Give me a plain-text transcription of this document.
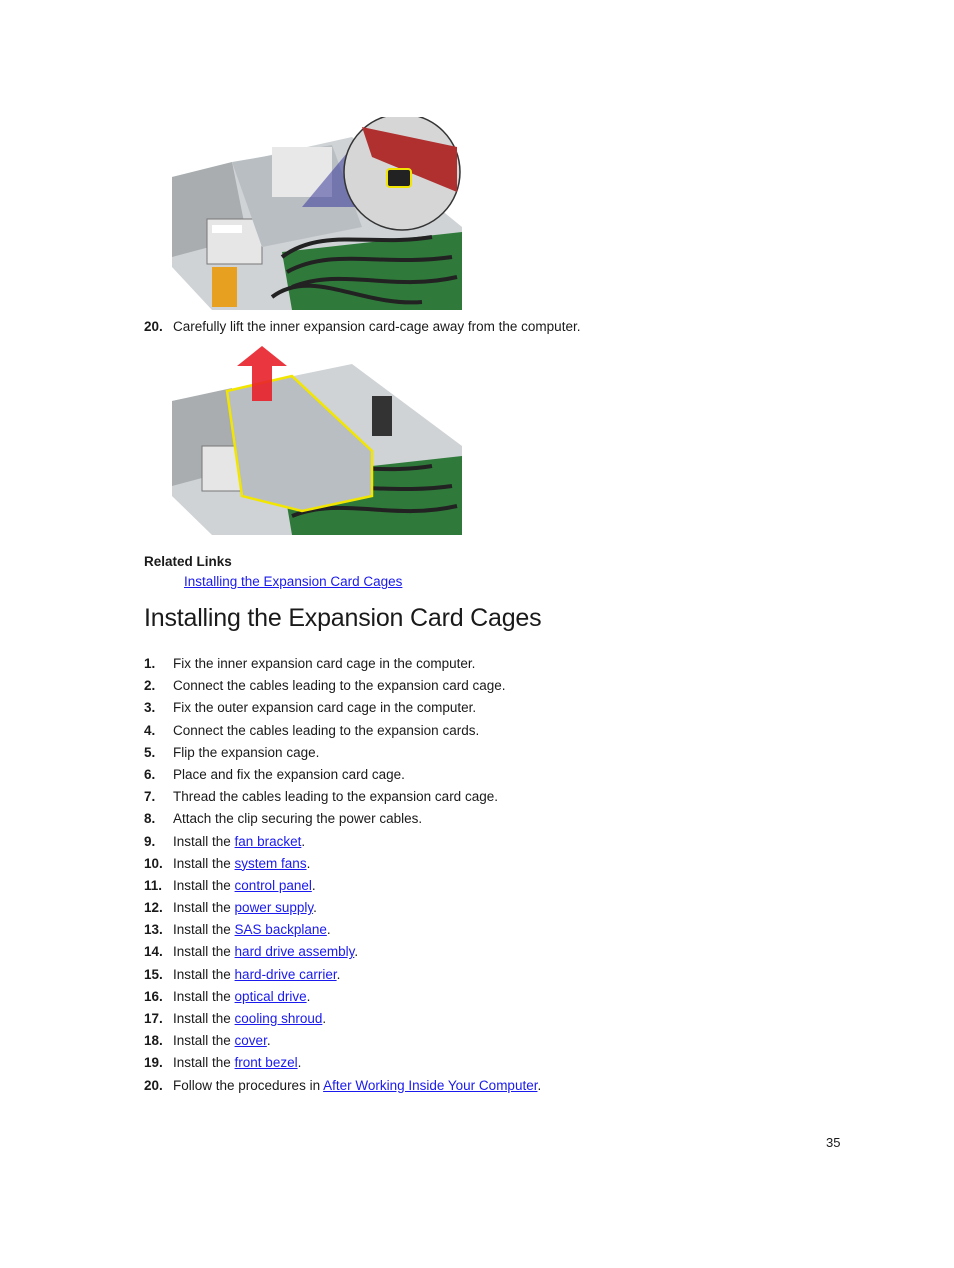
20. Carefully lift the inner expansion card-cage away from the computer.
Related Links
Installing the Expansion Card Cages
Installing the Expansion Card Cages
1. Fix the inner expansion card cage in the computer.
2. Connect the cables leading to the expansion card cage.
3. Fix the outer expansion card cage in the computer.
4. Connect the cables leading to the expansion cards.
5. Flip the expansion cage.
6. Place and fix the expansion card cage.
7. Thread the cables leading to the expansion card cage.
8. Attach the clip securing the power cables.
9. Install the fan bracket.
10. Install the system fans.
11. Install the control panel.
12. Install the power supply.
13. Install the SAS backplane.
14. Install the hard drive assembly.
15. Install the hard-drive carrier.
16. Install the optical drive.
17. Install the cooling shroud.
18. Install the cover.
19. Install the front bezel.
20. Follow the procedures in After Working Inside Your Computer.
35
